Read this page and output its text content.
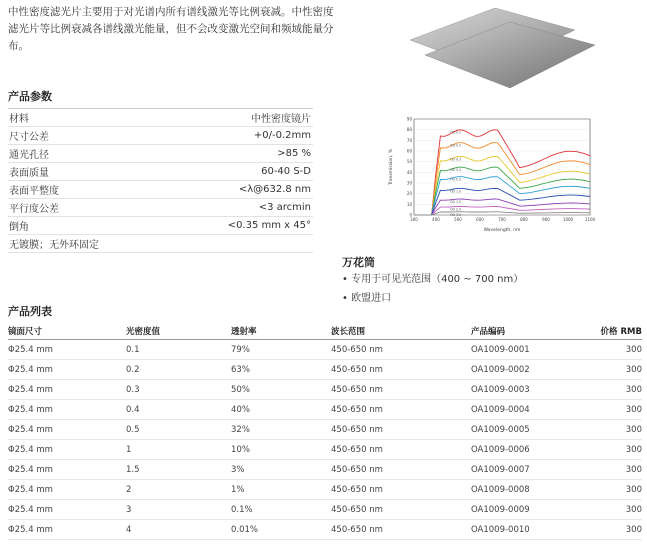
中性密度滤光片主要用于对光谱内所有谱线激光等比例衰减。中性密度滤光片等比例衰减各谱线激光能量，但不会改变激光空间和频域能量分布。
产品参数
材料	中性密度镜片
尺寸公差	+0/-0.2mm
通光孔径	>85 %
表面质量	60-40 S-D
表面平整度	<λ@632.8 nm
平行度公差	<3 arcmin
倒角	<0.35 mm x 45°
无镀膜；无外环固定	
0
10
20
30
40
50
60
70
80
90
300	400	500	600	700	800	900	1000	1100
OD 0.1
OD 0.2
OD 0.3
OD 0.4
OD 0.5
OD 1.0
OD 1.5
OD 2.0
OD 3.0
Transmission, %
Wavelength, nm
万花筒
• 专用于可见光范围（400 ~ 700 nm）
• 欧盟进口
产品列表
镜面尺寸	光密度值	透射率	波长范围	产品编码	价格 RMB
Φ25.4 mm	0.1	79%	450-650 nm	OA1009-0001	300
Φ25.4 mm	0.2	63%	450-650 nm	OA1009-0002	300
Φ25.4 mm	0.3	50%	450-650 nm	OA1009-0003	300
Φ25.4 mm	0.4	40%	450-650 nm	OA1009-0004	300
Φ25.4 mm	0.5	32%	450-650 nm	OA1009-0005	300
Φ25.4 mm	1	10%	450-650 nm	OA1009-0006	300
Φ25.4 mm	1.5	3%	450-650 nm	OA1009-0007	300
Φ25.4 mm	2	1%	450-650 nm	OA1009-0008	300
Φ25.4 mm	3	0.1%	450-650 nm	OA1009-0009	300
Φ25.4 mm	4	0.01%	450-650 nm	OA1009-0010	300
